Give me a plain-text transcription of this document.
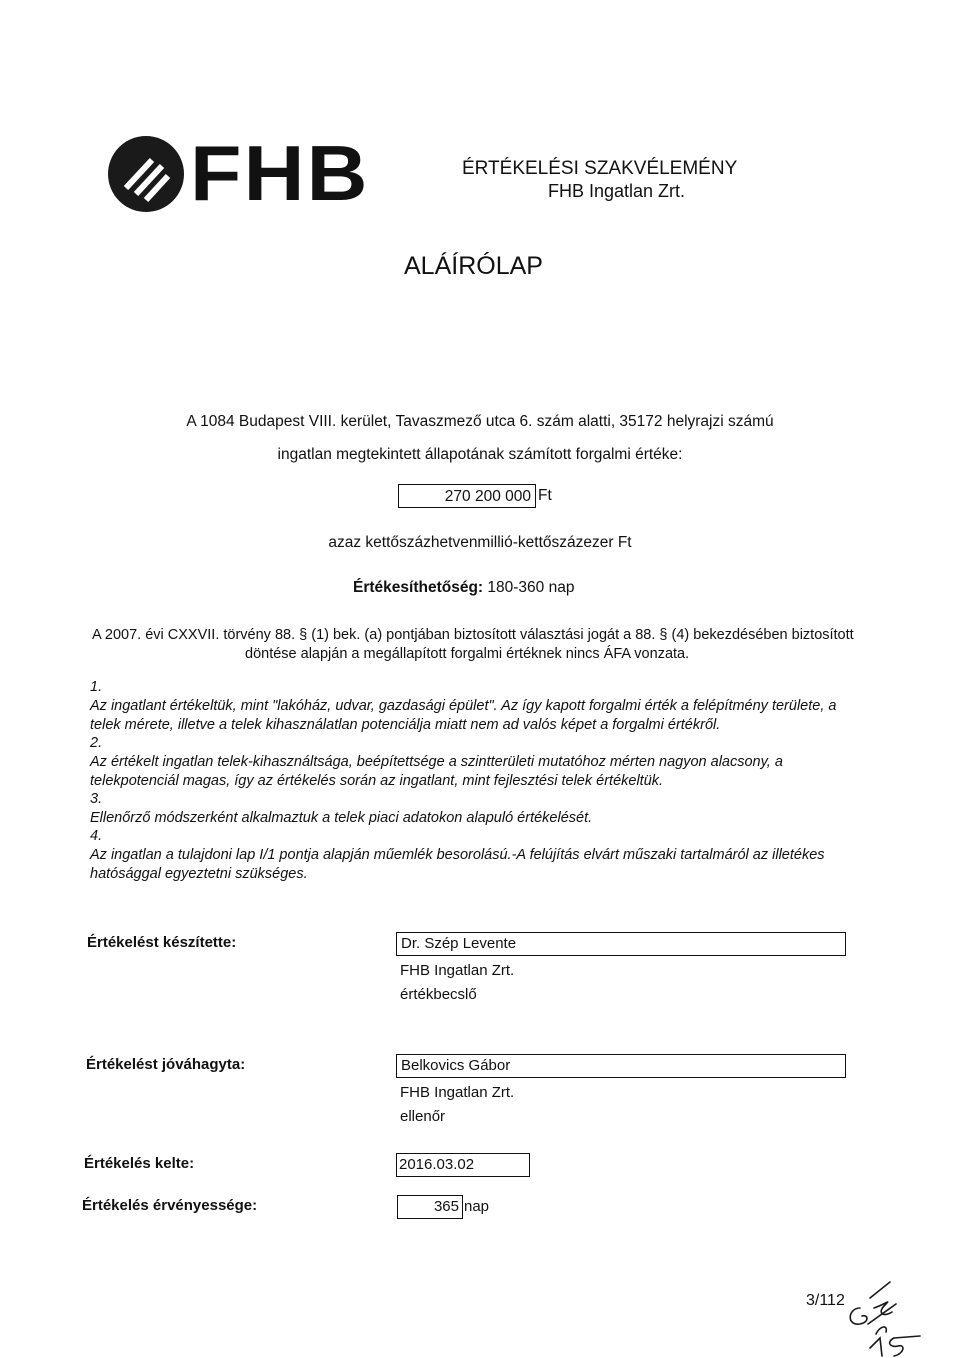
FHB	ÉRTÉKELÉSI SZAKVÉLEMÉNY
FHB Ingatlan Zrt.
ALÁÍRÓLAP
A 1084 Budapest VIII. kerület, Tavaszmező utca 6. szám alatti, 35172 helyrajzi számú
ingatlan megtekintett állapotának számított forgalmi értéke:
270 200 000 Ft
azaz kettőszázhetvenmillió-kettőszázezer Ft
Értékesíthetőség: 180-360 nap
A 2007. évi CXXVII. törvény 88. § (1) bek. (a) pontjában biztosított választási jogát a 88. § (4) bekezdésében biztosított
döntése alapján a megállapított forgalmi értéknek nincs ÁFA vonzata.
1.
Az ingatlant értékeltük, mint "lakóház, udvar, gazdasági épület". Az így kapott forgalmi érték a felépítmény területe, a
telek mérete, illetve a telek kihasználatlan potenciálja miatt nem ad valós képet a forgalmi értékről.
2.
Az értékelt ingatlan telek-kihasználtsága, beépítettsége a szintterületi mutatóhoz mérten nagyon alacsony, a
telekpotenciál magas, így az értékelés során az ingatlant, mint fejlesztési telek értékeltük.
3.
Ellenőrző módszerként alkalmaztuk a telek piaci adatokon alapuló értékelését.
4.
Az ingatlan a tulajdoni lap I/1 pontja alapján műemlék besorolású.-A felújítás elvárt műszaki tartalmáról az illetékes
hatósággal egyeztetni szükséges.
Értékelést készítette:	Dr. Szép Levente
FHB Ingatlan Zrt.
értékbecslő
Értékelést jóváhagyta:	Belkovics Gábor
FHB Ingatlan Zrt.
ellenőr
Értékelés kelte:	2016.03.02
Értékelés érvényessége:	365 nap
3/112
